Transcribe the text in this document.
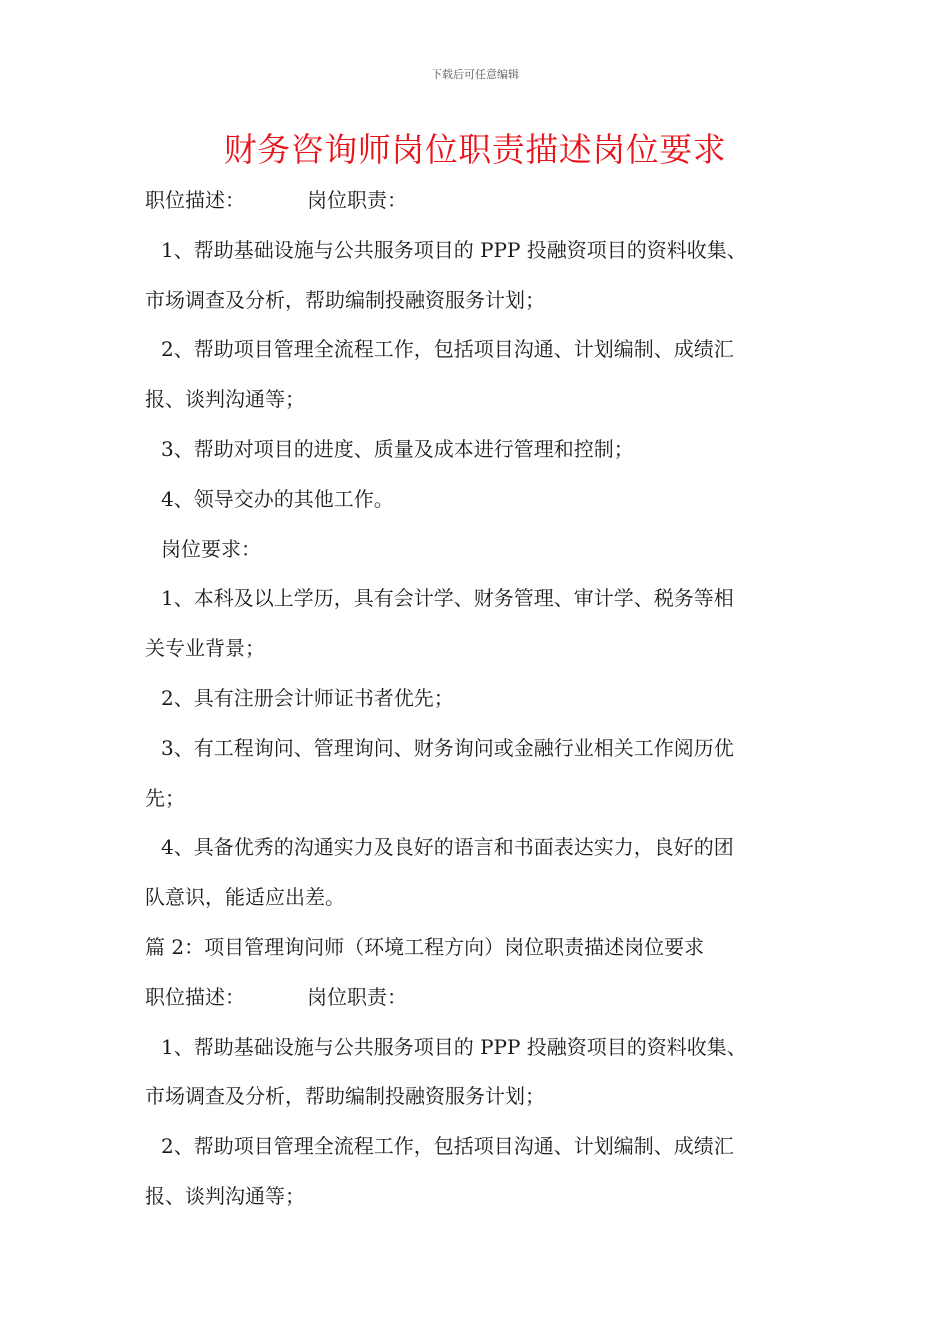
下载后可任意编辑
财务咨询师岗位职责描述岗位要求
职位描述：	岗位职责：
1、帮助基础设施与公共服务项目的 PPP 投融资项目的资料收集、
市场调查及分析，帮助编制投融资服务计划；
2、帮助项目管理全流程工作，包括项目沟通、计划编制、成绩汇
报、谈判沟通等；
3、帮助对项目的进度、质量及成本进行管理和控制；
4、领导交办的其他工作。
岗位要求：
1、本科及以上学历，具有会计学、财务管理、审计学、税务等相
关专业背景；
2、具有注册会计师证书者优先；
3、有工程询问、管理询问、财务询问或金融行业相关工作阅历优
先；
4、具备优秀的沟通实力及良好的语言和书面表达实力，良好的团
队意识，能适应出差。
篇 2：项目管理询问师（环境工程方向）岗位职责描述岗位要求
职位描述：	岗位职责：
1、帮助基础设施与公共服务项目的 PPP 投融资项目的资料收集、
市场调查及分析，帮助编制投融资服务计划；
2、帮助项目管理全流程工作，包括项目沟通、计划编制、成绩汇
报、谈判沟通等；
